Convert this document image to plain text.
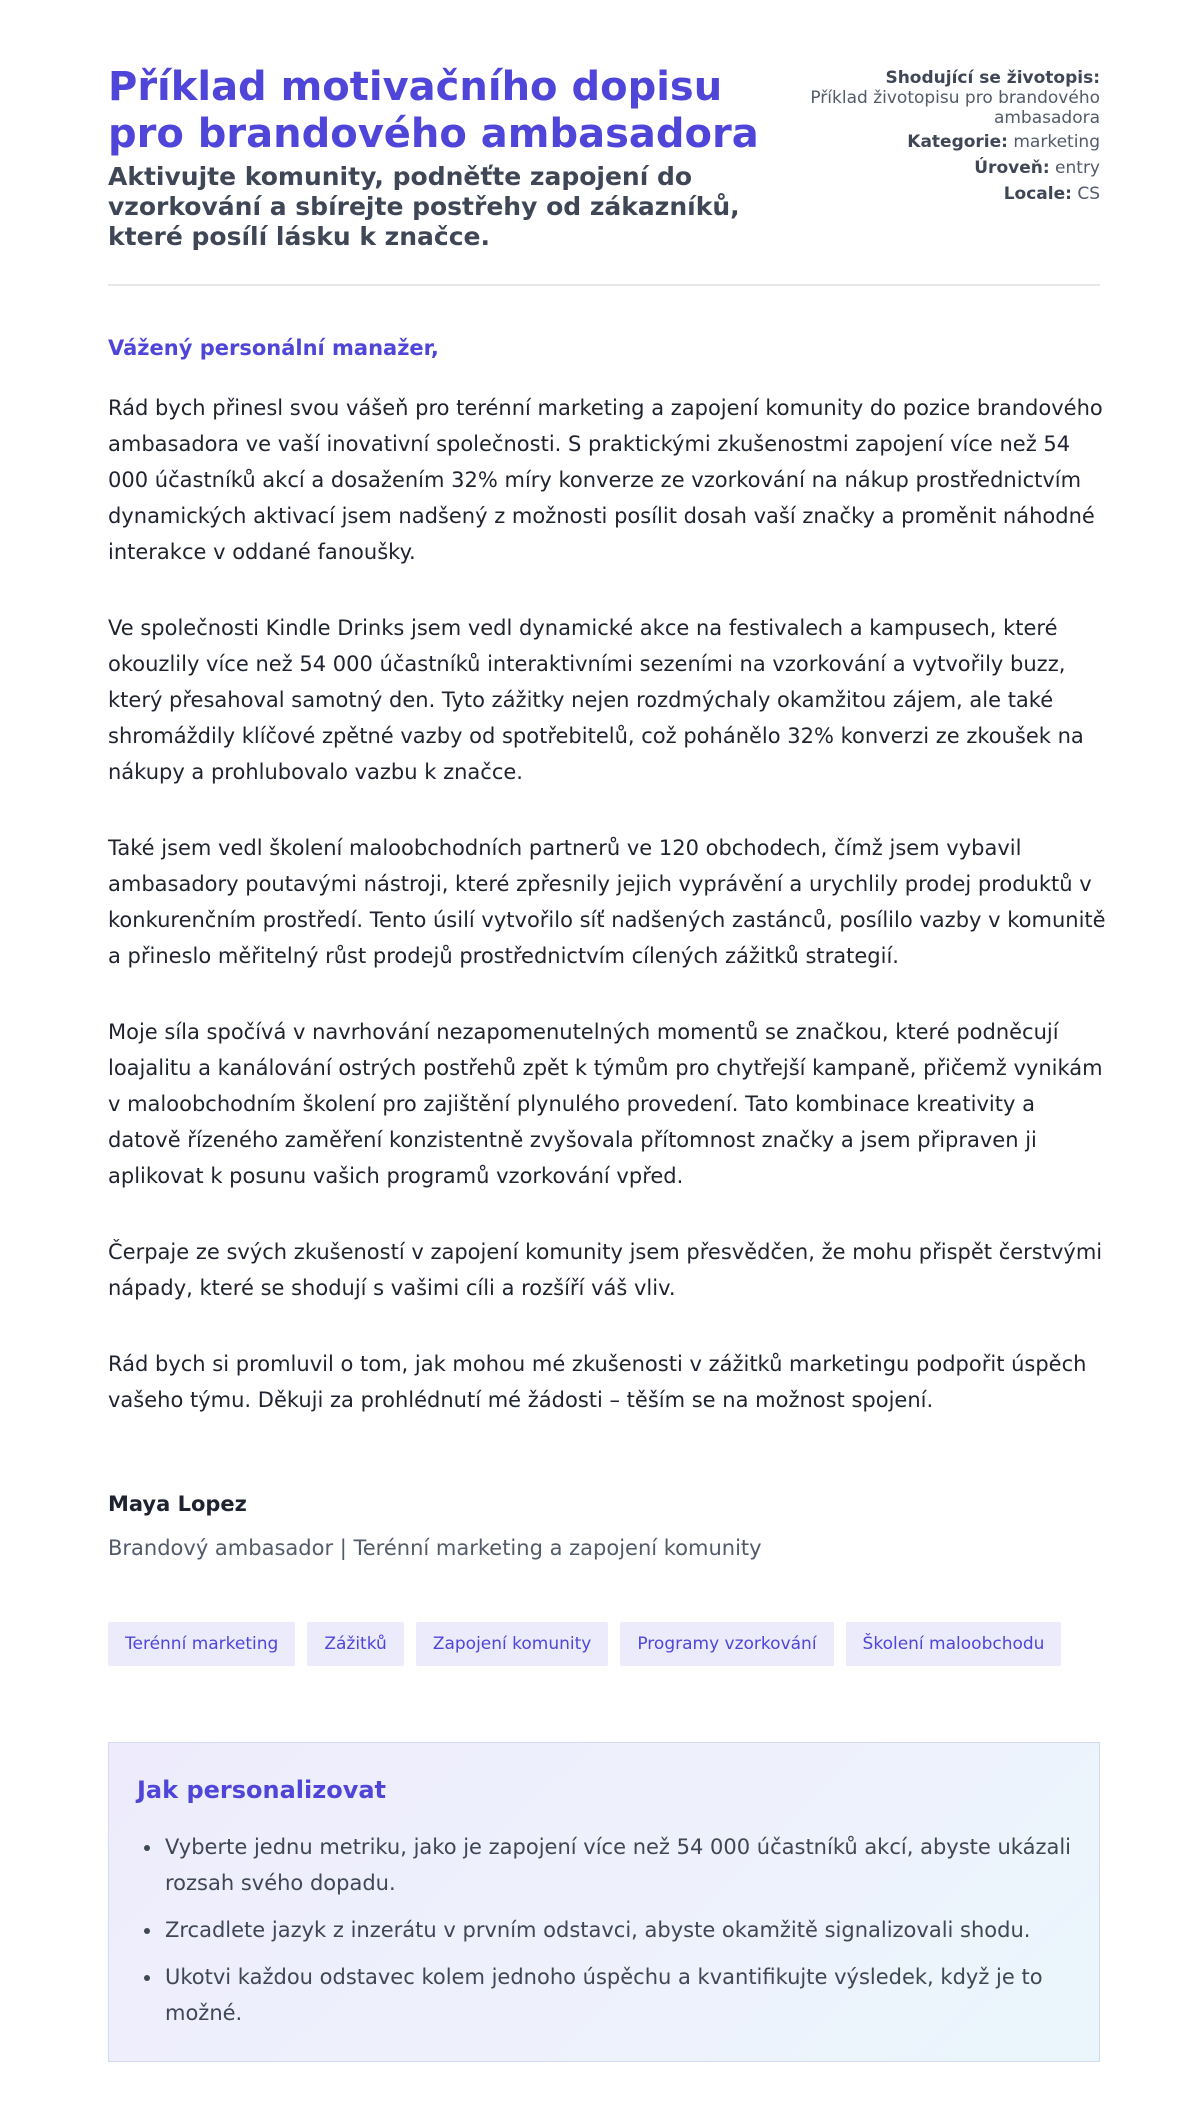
Příklad motivačního dopisu pro brandového ambasadora
Aktivujte komunity, podněťte zapojení do vzorkování a sbírejte postřehy od zákazníků, které posílí lásku k značce.
Shodující se životopis:
Příklad životopisu pro brandového ambasadora
Kategorie: marketing
Úroveň: entry
Locale: CS
Vážený personální manažer,

Rád bych přinesl svou vášeň pro terénní marketing a zapojení komunity do pozice brandového ambasadora ve vaší inovativní společnosti. S praktickými zkušenostmi zapojení více než 54 000 účastníků akcí a dosažením 32% míry konverze ze vzorkování na nákup prostřednictvím dynamických aktivací jsem nadšený z možnosti posílit dosah vaší značky a proměnit náhodné interakce v oddané fanoušky.

Ve společnosti Kindle Drinks jsem vedl dynamické akce na festivalech a kampusech, které okouzlily více než 54 000 účastníků interaktivními sezeními na vzorkování a vytvořily buzz, který přesahoval samotný den. Tyto zážitky nejen rozdmýchaly okamžitou zájem, ale také shromáždily klíčové zpětné vazby od spotřebitelů, což pohánělo 32% konverzi ze zkoušek na nákupy a prohlubovalo vazbu k značce.

Také jsem vedl školení maloobchodních partnerů ve 120 obchodech, čímž jsem vybavil ambasadory poutavými nástroji, které zpřesnily jejich vyprávění a urychlily prodej produktů v konkurenčním prostředí. Tento úsilí vytvořilo síť nadšených zastánců, posílilo vazby v komunitě a přineslo měřitelný růst prodejů prostřednictvím cílených zážitků strategií.

Moje síla spočívá v navrhování nezapomenutelných momentů se značkou, které podněcují loajalitu a kanálování ostrých postřehů zpět k týmům pro chytřejší kampaně, přičemž vynikám v maloobchodním školení pro zajištění plynulého provedení. Tato kombinace kreativity a datově řízeného zaměření konzistentně zvyšovala přítomnost značky a jsem připraven ji aplikovat k posunu vašich programů vzorkování vpřed.

Čerpaje ze svých zkušeností v zapojení komunity jsem přesvědčen, že mohu přispět čerstvými nápady, které se shodují s vašimi cíli a rozšíří váš vliv.

Rád bych si promluvil o tom, jak mohou mé zkušenosti v zážitků marketingu podpořit úspěch vašeho týmu. Děkuji za prohlédnutí mé žádosti – těším se na možnost spojení.

Maya Lopez
Brandový ambasador | Terénní marketing a zapojení komunity
Terénní marketing	Zážitků	Zapojení komunity	Programy vzorkování	Školení maloobchodu
Jak personalizovat
• Vyberte jednu metriku, jako je zapojení více než 54 000 účastníků akcí, abyste ukázali rozsah svého dopadu.
• Zrcadlete jazyk z inzerátu v prvním odstavci, abyste okamžitě signalizovali shodu.
• Ukotvi každou odstavec kolem jednoho úspěchu a kvantifikujte výsledek, když je to možné.
